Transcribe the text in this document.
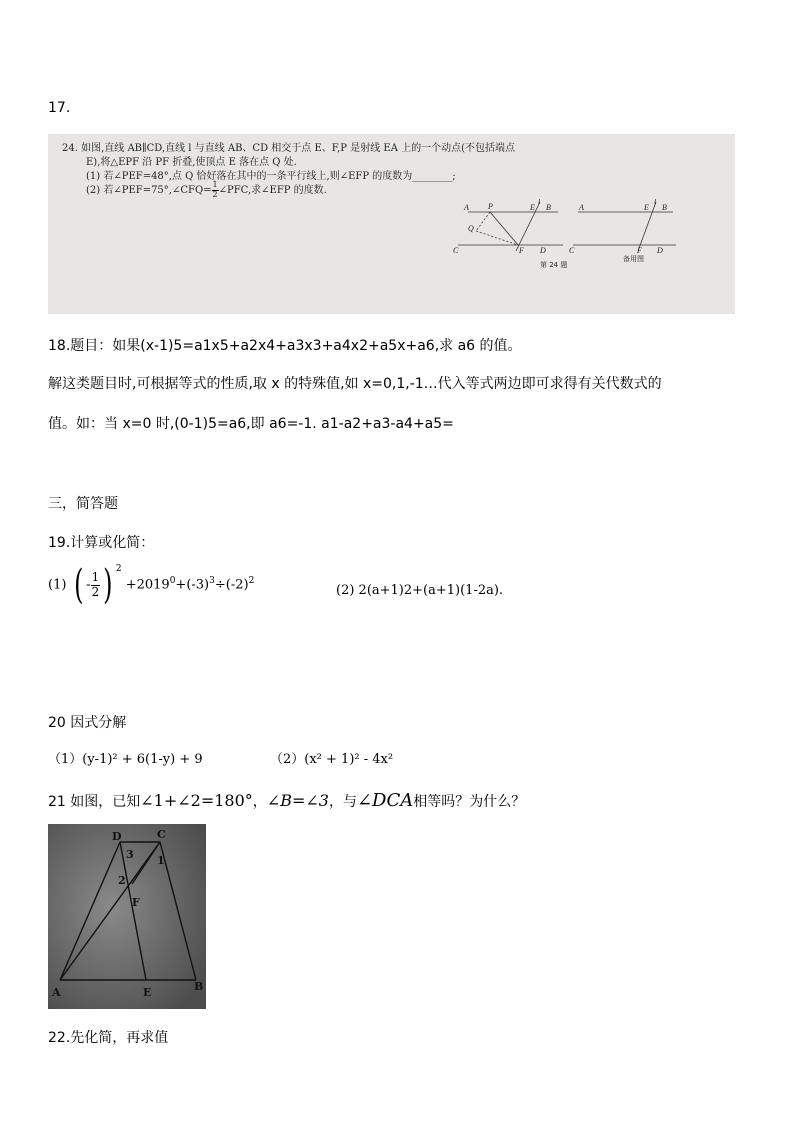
17.
24. 如图,直线 AB∥CD,直线 l 与直线 AB、CD 相交于点 E、F,P 是射线 EA 上的一个动点(不包括端点
E),将△EPF 沿 PF 折叠,使顶点 E 落在点 Q 处.
(1) 若∠PEF=48°,点 Q 恰好落在其中的一条平行线上,则∠EFP 的度数为________;
(2) 若∠PEF=75°,∠CFQ= $\frac{1}{2}$ ∠PFC,求∠EFP 的度数.
A P	E B
l
Q
C	F D
A	E B
l
C	F D
第 24 题
备用图
18.题目：如果(x-1)5=a1x5+a2x4+a3x3+a4x2+a5x+a6,求 a6 的值。
解这类题目时,可根据等式的性质,取 x 的特殊值,如 x=0,1,-1…代入等式两边即可求得有关代数式的
值。如：当 x=0 时,(0-1)5=a6,即 a6=-1. a1-a2+a3-a4+a5=
三，简答题
19.计算或化简：
(1) ( - $\frac{1}{2}$ ) $^2 +2019^0+(-3)^3\div(-2)^2$
(2) 2(a+1)2+(a+1)(1-2a).
20 因式分解
（1）(y-1)² + 6(1-y) + 9	（2）(x² + 1)² - 4x²
21 如图，已知∠1+∠2=180°，∠B=∠3，与∠DCA相等吗？为什么？
D	C
3 1
2
F
A	E	B
22.先化简，再求值
